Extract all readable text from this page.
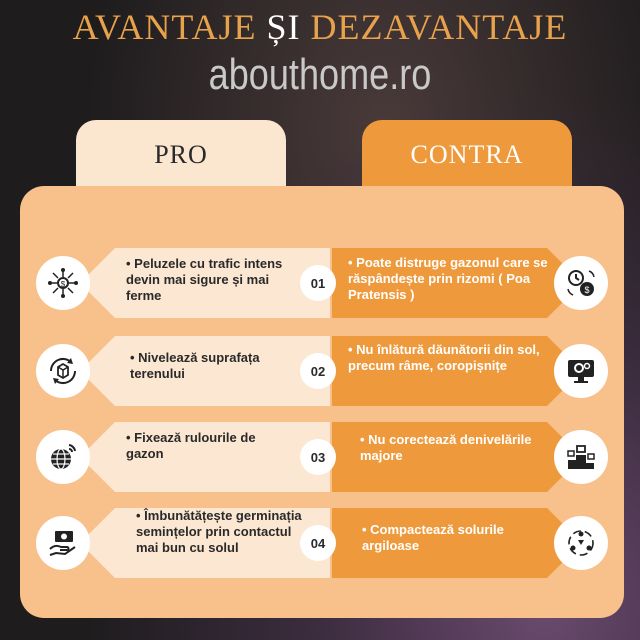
AVANTAJE ȘI DEZAVANTAJE
abouthome.ro
PRO	CONTRA
$
• Peluzele cu trafic intens devin mai sigure și mai ferme
01
• Poate distruge gazonul care se răspândește prin rizomi ( Poa Pratensis )	$
• Nivelează suprafața terenului	02
• Nu înlătură dăunătorii din sol, precum râme, coropișnițe
• Fixează rulourile de gazon	03
• Nu corectează denivelările majore
• Îmbunătățește germinația semințelor prin contactul mai bun cu solul	04
• Compactează solurile argiloase
